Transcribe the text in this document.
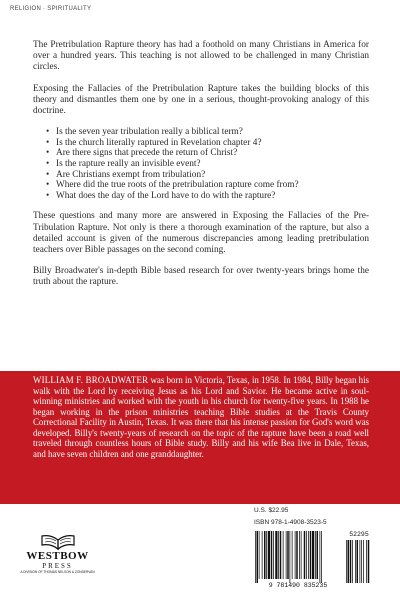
RELIGION · SPIRITUALITY

The Pretribulation Rapture theory has had a foothold on many Christians in America for over a hundred years. This teaching is not allowed to be challenged in many Christian circles.

Exposing the Fallacies of the Pretribulation Rapture takes the building blocks of this theory and dismantles them one by one in a serious, thought-provoking analogy of this doctrine.

• Is the seven year tribulation really a biblical term?
• Is the church literally raptured in Revelation chapter 4?
• Are there signs that precede the return of Christ?
• Is the rapture really an invisible event?
• Are Christians exempt from tribulation?
• Where did the true roots of the pretribulation rapture come from?
• What does the day of the Lord have to do with the rapture?

These questions and many more are answered in Exposing the Fallacies of the Pre-Tribulation Rapture. Not only is there a thorough examination of the rapture, but also a detailed account is given of the numerous discrepancies among leading pretribulation teachers over Bible passages on the second coming.

Billy Broadwater's in-depth Bible based research for over twenty-years brings home the truth about the rapture.

WILLIAM F. BROADWATER was born in Victoria, Texas, in 1958. In 1984, Billy began his walk with the Lord by receiving Jesus as his Lord and Savior. He became active in soul-winning ministries and worked with the youth in his church for twenty-five years. In 1988 he began working in the prison ministries teaching Bible studies at the Travis County Correctional Facility in Austin, Texas. It was there that his intense passion for God's word was developed. Billy's twenty-years of research on the topic of the rapture have been a road well traveled through countless hours of Bible study. Billy and his wife Bea live in Dale, Texas, and have seven children and one granddaughter.

WESTBOW
PRESS
A DIVISION OF THOMAS NELSON & ZONDERVAN
U.S. $22.95
ISBN 978-1-4908-3523-5
9 781490 835235
52295
